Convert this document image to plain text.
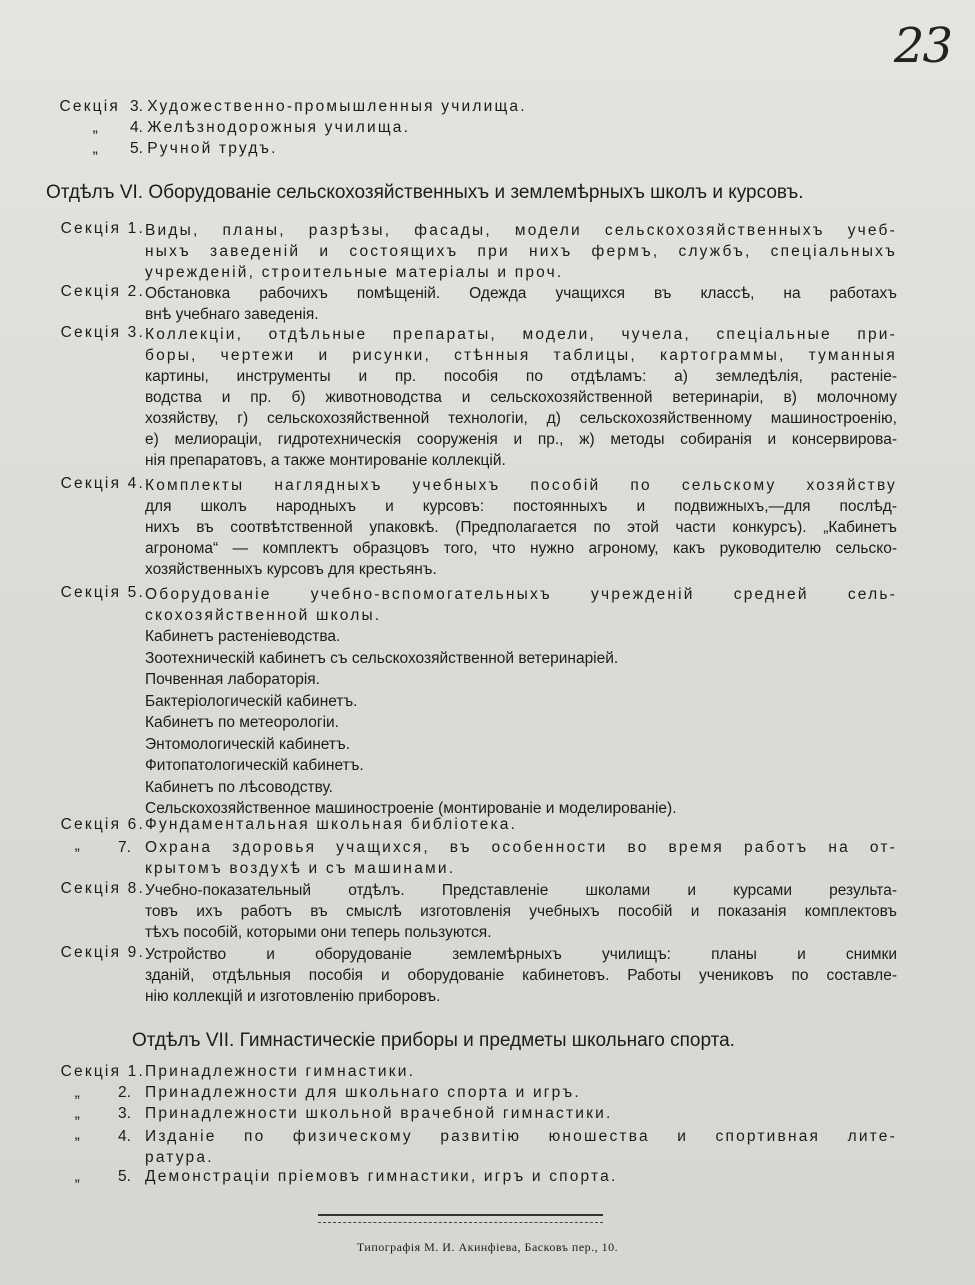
23
Секція 3. Художественно-промышленныя училища.
„ 4. Желѣзнодорожныя училища.
„ 5. Ручной трудъ.
Отдѣлъ VI. Оборудованіе сельскохозяйственныхъ и землемѣрныхъ школъ и курсовъ.
Секція 1. Виды, планы, разрѣзы, фасады, модели сельскохозяйственныхъ учеб-
ныхъ заведеній и состоящихъ при нихъ фермъ, службъ, спеціальныхъ
учрежденій, строительные матеріалы и проч.
Секція 2. Обстановка рабочихъ помѣщеній. Одежда учащихся въ классѣ, на работахъ
внѣ учебнаго заведенія.
Секція 3. Коллекціи, отдѣльные препараты, модели, чучела, спеціальные при-
боры, чертежи и рисунки, стѣнныя таблицы, картограммы, туманныя
картины, инструменты и пр. пособія по отдѣламъ: а) земледѣлія, растеніе-
водства и пр. б) животноводства и сельскохозяйственной ветеринаріи, в) молочному
хозяйству, г) сельскохозяйственной технологіи, д) сельскохозяйственному машиностроенію,
е) мелиораціи, гидротехническія сооруженія и пр., ж) методы собиранія и консервирова-
нія препаратовъ, а также монтированіе коллекцій.
Секція 4. Комплекты наглядныхъ учебныхъ пособій по сельскому хозяйству
для школъ народныхъ и курсовъ: постоянныхъ и подвижныхъ,—для послѣд-
нихъ въ соотвѣтственной упаковкѣ. (Предполагается по этой части конкурсъ). „Кабинетъ
агронома“ — комплектъ образцовъ того, что нужно агроному, какъ руководителю сельско-
хозяйственныхъ курсовъ для крестьянъ.
Секція 5. Оборудованіе учебно-вспомогательныхъ учрежденій средней сель-
скохозяйственной школы.
Кабинетъ растеніеводства.
Зоотехническій кабинетъ съ сельскохозяйственной ветеринаріей.
Почвенная лабораторія.
Бактеріологическій кабинетъ.
Кабинетъ по метеорологіи.
Энтомологическій кабинетъ.
Фитопатологическій кабинетъ.
Кабинетъ по лѣсоводству.
Сельскохозяйственное машиностроеніе (монтированіе и моделированіе).
Секція 6. Фундаментальная школьная библіотека.
„ 7. Охрана здоровья учащихся, въ особенности во время работъ на от-
крытомъ воздухѣ и съ машинами.
Секція 8. Учебно-показательный отдѣлъ. Представленіе школами и курсами результа-
товъ ихъ работъ въ смыслѣ изготовленія учебныхъ пособій и показанія комплектовъ
тѣхъ пособій, которыми они теперь пользуются.
Секція 9. Устройство и оборудованіе землемѣрныхъ училищъ: планы и снимки
зданій, отдѣльныя пособія и оборудованіе кабинетовъ. Работы учениковъ по составле-
нію коллекцій и изготовленію приборовъ.
Отдѣлъ VII. Гимнастическіе приборы и предметы школьнаго спорта.
Секція 1. Принадлежности гимнастики.
„ 2. Принадлежности для школьнаго спорта и игръ.
„ 3. Принадлежности школьной врачебной гимнастики.
„ 4. Изданіе по физическому развитію юношества и спортивная лите-
ратура.
„ 5. Демонстраціи пріемовъ гимнастики, игръ и спорта.
Типографія М. И. Акинфіева, Басковъ пер., 10.
